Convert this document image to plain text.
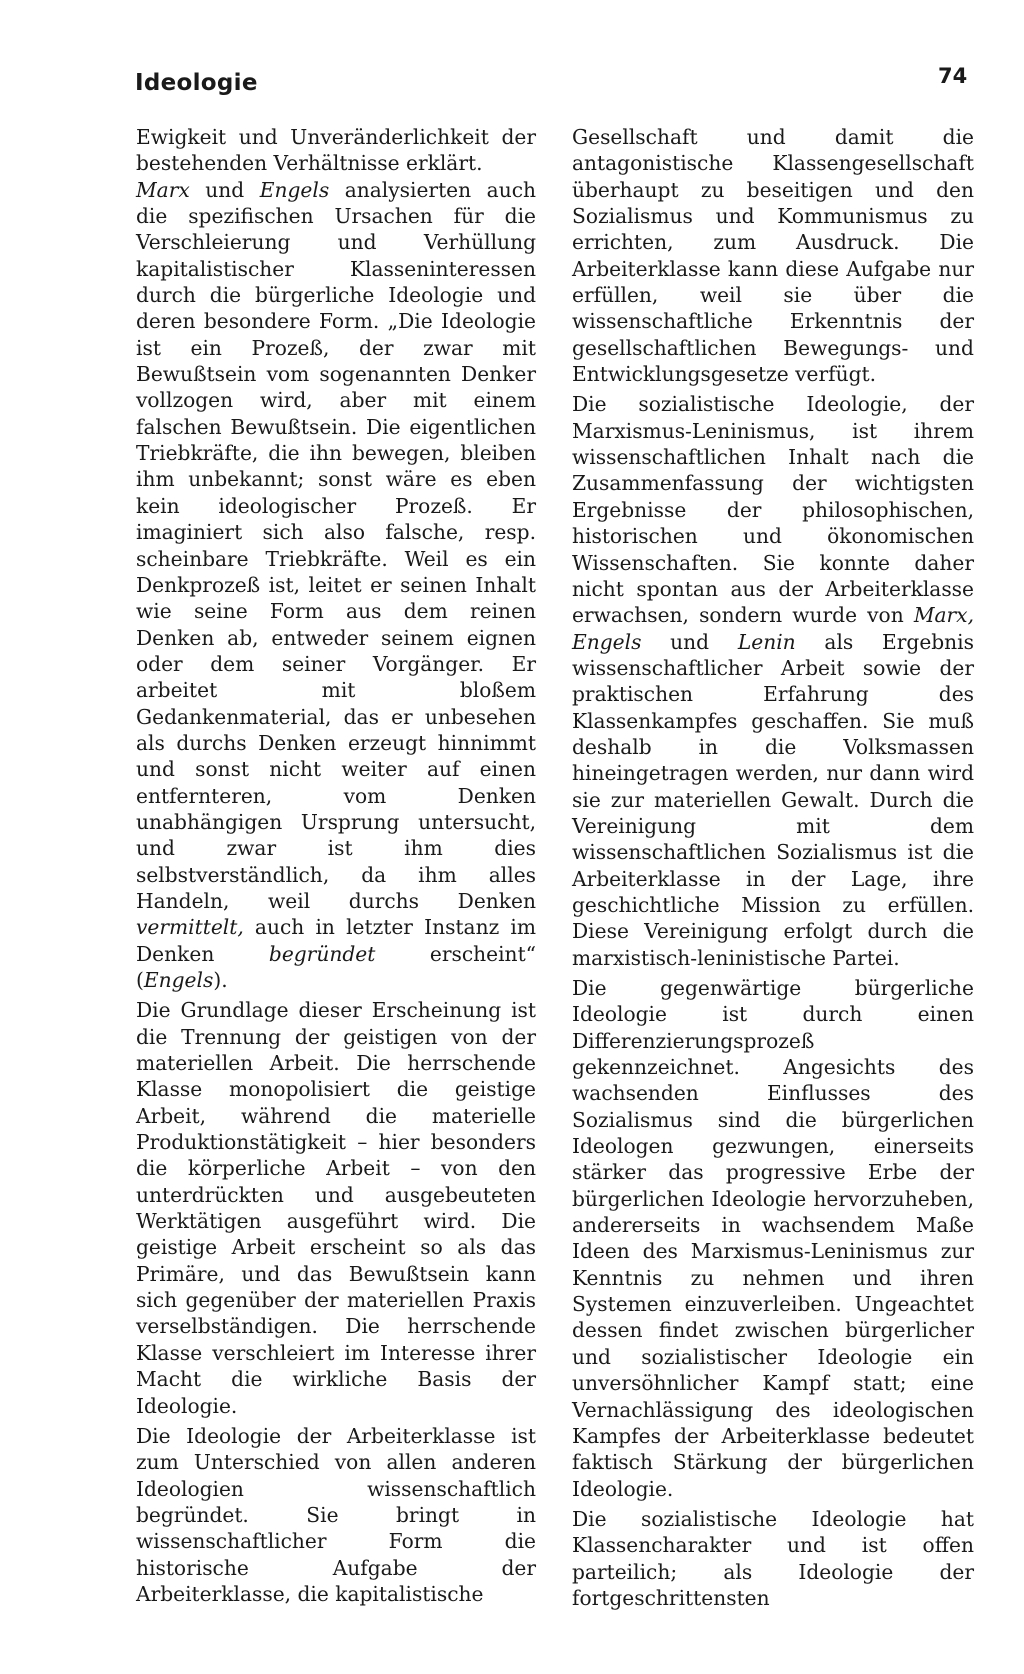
Ideologie	74

Ewigkeit und Unveränderlichkeit der bestehenden Verhältnisse erklärt.
Marx und Engels analysierten auch die spezifischen Ursachen für die Verschleierung und Verhüllung kapitalistischer Klasseninteressen durch die bürgerliche Ideologie und deren besondere Form. „Die Ideologie ist ein Prozeß, der zwar mit Bewußtsein vom sogenannten Denker vollzogen wird, aber mit einem falschen Bewußtsein. Die eigentlichen Triebkräfte, die ihn bewegen, bleiben ihm unbekannt; sonst wäre es eben kein ideologischer Prozeß. Er imaginiert sich also falsche, resp. scheinbare Triebkräfte. Weil es ein Denkprozeß ist, leitet er seinen Inhalt wie seine Form aus dem reinen Denken ab, entweder seinem eignen oder dem seiner Vorgänger. Er arbeitet mit bloßem Gedankenmaterial, das er unbesehen als durchs Denken erzeugt hinnimmt und sonst nicht weiter auf einen entfernteren, vom Denken unabhängigen Ursprung untersucht, und zwar ist ihm dies selbstverständlich, da ihm alles Handeln, weil durchs Denken vermittelt, auch in letzter Instanz im Denken begründet erscheint“ (Engels).

Die Grundlage dieser Erscheinung ist die Trennung der geistigen von der materiellen Arbeit. Die herrschende Klasse monopolisiert die geistige Arbeit, während die materielle Produktionstätigkeit – hier besonders die körperliche Arbeit – von den unterdrückten und ausgebeuteten Werktätigen ausgeführt wird. Die geistige Arbeit erscheint so als das Primäre, und das Bewußtsein kann sich gegenüber der materiellen Praxis verselbständigen. Die herrschende Klasse verschleiert im Interesse ihrer Macht die wirkliche Basis der Ideologie.

Die Ideologie der Arbeiterklasse ist zum Unterschied von allen anderen Ideologien wissenschaftlich begründet. Sie bringt in wissenschaftlicher Form die historische Aufgabe der Arbeiterklasse, die kapitalistische

Gesellschaft und damit die antagonistische Klassengesellschaft überhaupt zu beseitigen und den Sozialismus und Kommunismus zu errichten, zum Ausdruck. Die Arbeiterklasse kann diese Aufgabe nur erfüllen, weil sie über die wissenschaftliche Erkenntnis der gesellschaftlichen Bewegungs- und Entwicklungsgesetze verfügt.

Die sozialistische Ideologie, der Marxismus-Leninismus, ist ihrem wissenschaftlichen Inhalt nach die Zusammenfassung der wichtigsten Ergebnisse der philosophischen, historischen und ökonomischen Wissenschaften. Sie konnte daher nicht spontan aus der Arbeiterklasse erwachsen, sondern wurde von Marx, Engels und Lenin als Ergebnis wissenschaftlicher Arbeit sowie der praktischen Erfahrung des Klassenkampfes geschaffen. Sie muß deshalb in die Volksmassen hineingetragen werden, nur dann wird sie zur materiellen Gewalt. Durch die Vereinigung mit dem wissenschaftlichen Sozialismus ist die Arbeiterklasse in der Lage, ihre geschichtliche Mission zu erfüllen. Diese Vereinigung erfolgt durch die marxistisch-leninistische Partei.

Die gegenwärtige bürgerliche Ideologie ist durch einen Differenzierungsprozeß gekennzeichnet. Angesichts des wachsenden Einflusses des Sozialismus sind die bürgerlichen Ideologen gezwungen, einerseits stärker das progressive Erbe der bürgerlichen Ideologie hervorzuheben, andererseits in wachsendem Maße Ideen des Marxismus-Leninismus zur Kenntnis zu nehmen und ihren Systemen einzuverleiben. Ungeachtet dessen findet zwischen bürgerlicher und sozialistischer Ideologie ein unversöhnlicher Kampf statt; eine Vernachlässigung des ideologischen Kampfes der Arbeiterklasse bedeutet faktisch Stärkung der bürgerlichen Ideologie.

Die sozialistische Ideologie hat Klassencharakter und ist offen parteilich; als Ideologie der fortgeschrittensten
